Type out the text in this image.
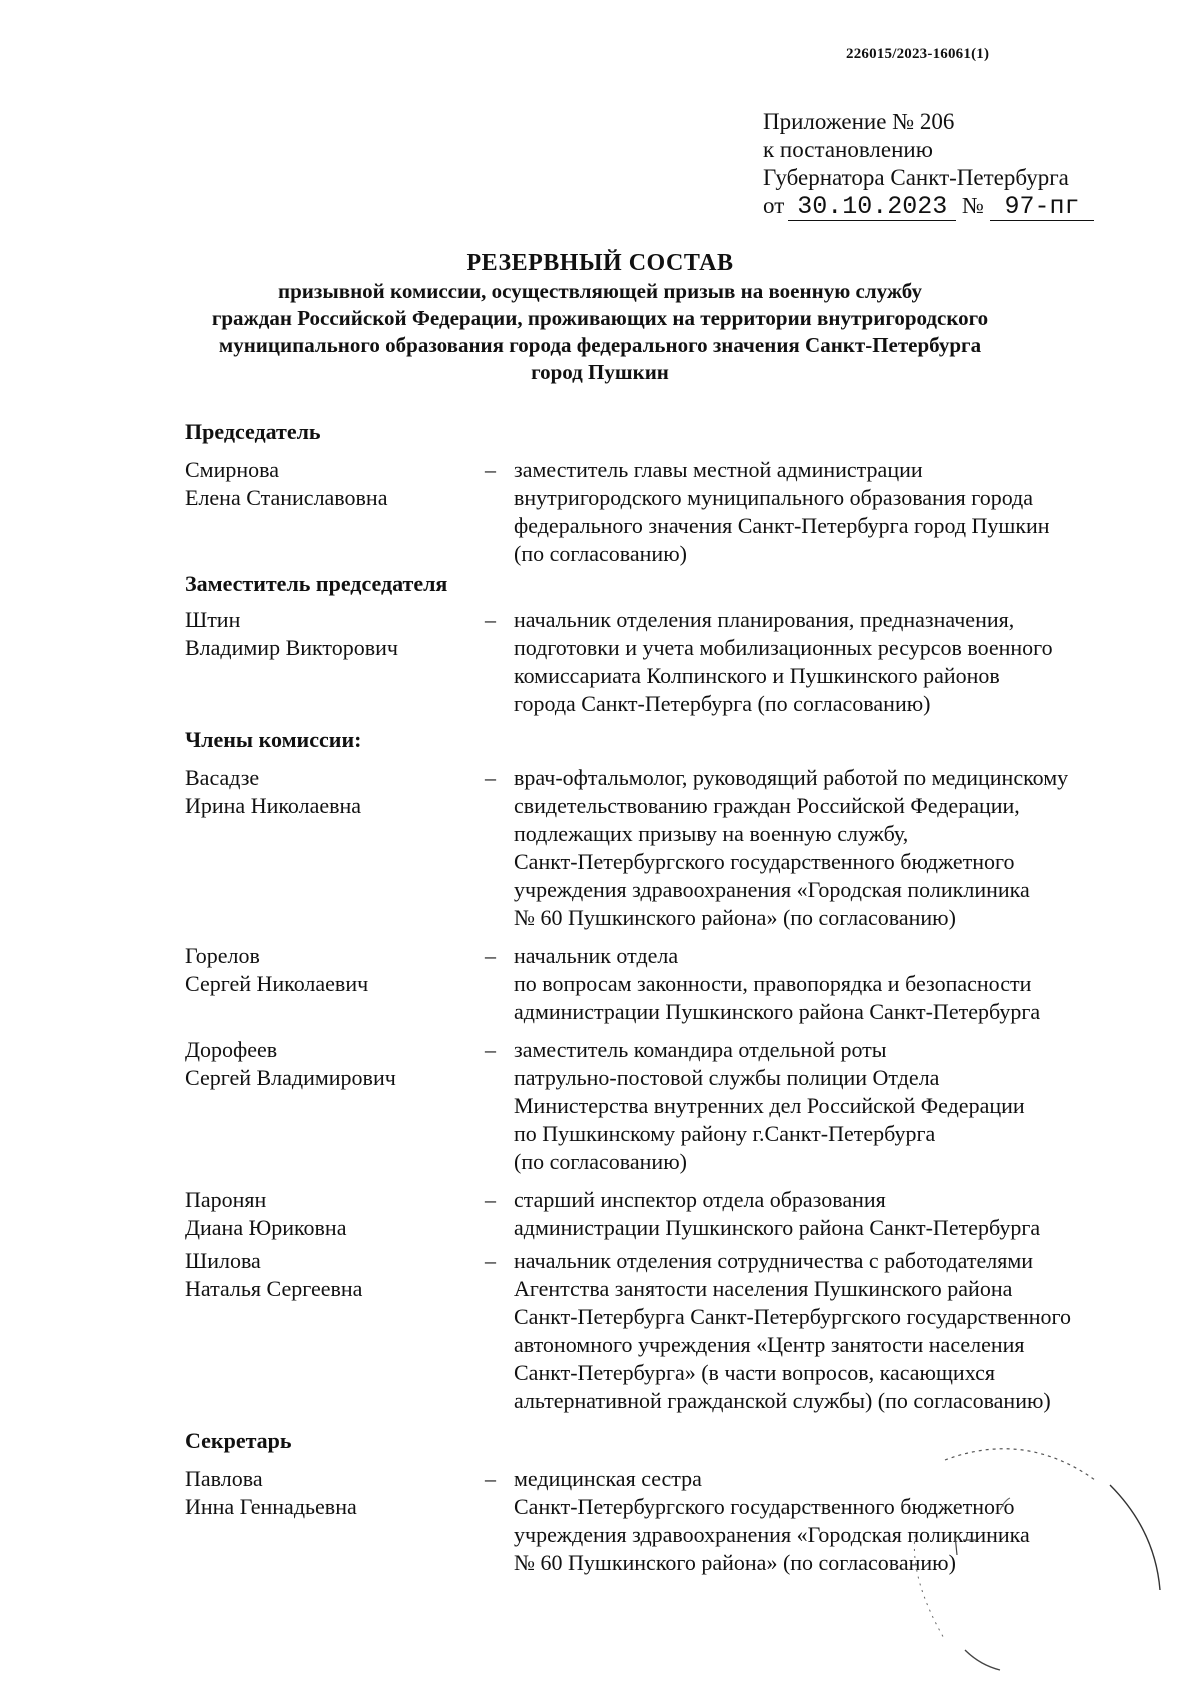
226015/2023-16061(1)
Приложение № 206
к постановлению
Губернатора Санкт-Петербурга
от 30.10.2023 № 97-пг
РЕЗЕРВНЫЙ СОСТАВ
призывной комиссии, осуществляющей призыв на военную службу
граждан Российской Федерации, проживающих на территории внутригородского
муниципального образования города федерального значения Санкт-Петербурга
город Пушкин
Председатель
Смирнова
Елена Станиславовна
– заместитель главы местной администрации
внутригородского муниципального образования города
федерального значения Санкт-Петербурга город Пушкин
(по согласованию)
Заместитель председателя
Штин
Владимир Викторович
– начальник отделения планирования, предназначения,
подготовки и учета мобилизационных ресурсов военного
комиссариата Колпинского и Пушкинского районов
города Санкт-Петербурга (по согласованию)
Члены комиссии:
Васадзе
Ирина Николаевна
– врач-офтальмолог, руководящий работой по медицинскому
свидетельствованию граждан Российской Федерации,
подлежащих призыву на военную службу,
Санкт-Петербургского государственного бюджетного
учреждения здравоохранения «Городская поликлиника
№ 60 Пушкинского района» (по согласованию)
Горелов
Сергей Николаевич
– начальник отдела
по вопросам законности, правопорядка и безопасности
администрации Пушкинского района Санкт-Петербурга
Дорофеев
Сергей Владимирович
– заместитель командира отдельной роты
патрульно-постовой службы полиции Отдела
Министерства внутренних дел Российской Федерации
по Пушкинскому району г.Санкт-Петербурга
(по согласованию)
Паронян
Диана Юриковна
– старший инспектор отдела образования
администрации Пушкинского района Санкт-Петербурга
Шилова
Наталья Сергеевна
– начальник отделения сотрудничества с работодателями
Агентства занятости населения Пушкинского района
Санкт-Петербурга Санкт-Петербургского государственного
автономного учреждения «Центр занятости населения
Санкт-Петербурга» (в части вопросов, касающихся
альтернативной гражданской службы) (по согласованию)
Секретарь
Павлова
Инна Геннадьевна
– медицинская сестра
Санкт-Петербургского государственного бюджетного
учреждения здравоохранения «Городская поликлиника
№ 60 Пушкинского района» (по согласованию)
